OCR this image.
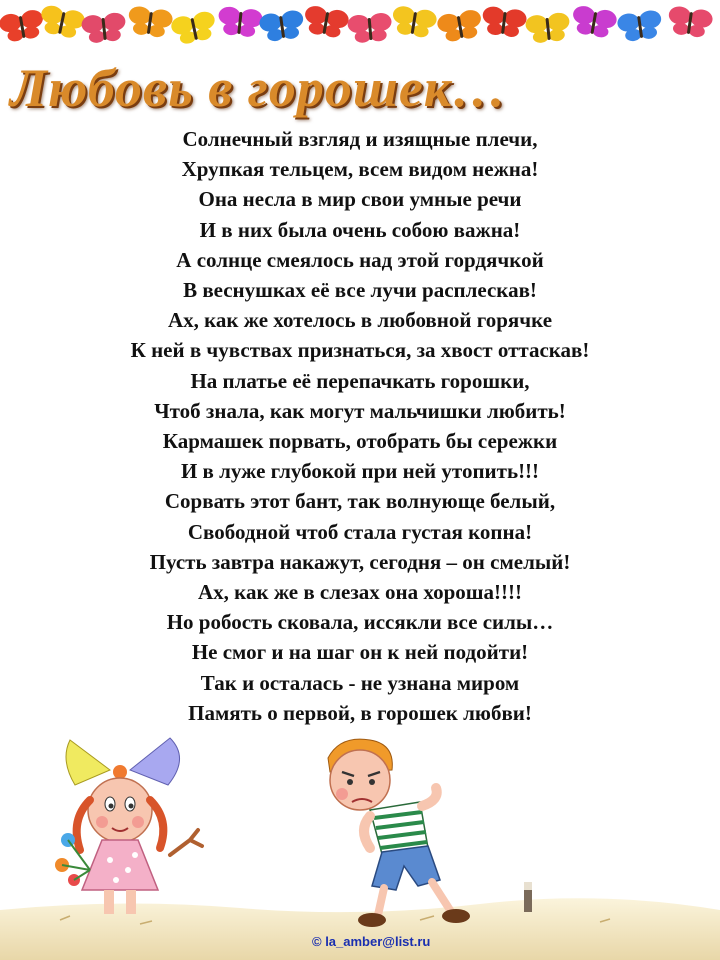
Любовь в горошек…
Солнечный взгляд и изящные плечи,
Хрупкая тельцем, всем видом нежна!
Она несла в мир свои умные речи
И в них была очень собою важна!
А солнце смеялось над этой гордячкой
В веснушках её все лучи расплескав!
Ах, как же хотелось в любовной горячке
К ней в чувствах признаться, за хвост оттаскав!
На платье её перепачкать горошки,
Чтоб знала, как могут мальчишки любить!
Кармашек порвать, отобрать бы сережки
И в луже глубокой при ней утопить!!!
Сорвать этот бант, так волнующе белый,
Свободной чтоб стала густая копна!
Пусть завтра накажут, сегодня – он смелый!
Ах, как же в слезах она хороша!!!!
Но робость сковала, иссякли все силы…
Не смог и на шаг он к ней подойти!
Так и осталась - не узнана миром
Память о первой, в горошек любви!
© la_amber@list.ru
